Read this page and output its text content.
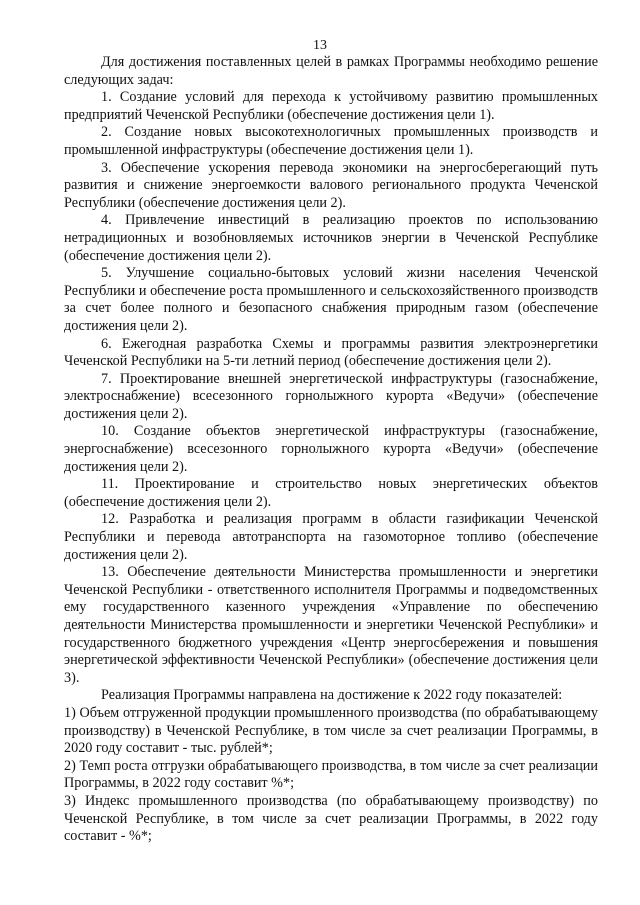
13

Для достижения поставленных целей в рамках Программы необходимо решение следующих задач:

1. Создание условий для перехода к устойчивому развитию промышленных предприятий Чеченской Республики (обеспечение достижения цели 1).

2. Создание новых высокотехнологичных промышленных производств и промышленной инфраструктуры (обеспечение достижения цели 1).

3. Обеспечение ускорения перевода экономики на энергосберегающий путь развития и снижение энергоемкости валового регионального продукта Чеченской Республики (обеспечение достижения цели 2).

4. Привлечение инвестиций в реализацию проектов по использованию нетрадиционных и возобновляемых источников энергии в Чеченской Республике (обеспечение достижения цели 2).

5. Улучшение социально-бытовых условий жизни населения Чеченской Республики и обеспечение роста промышленного и сельскохозяйственного производств за счет более полного и безопасного снабжения природным газом (обеспечение достижения цели 2).

6. Ежегодная разработка Схемы и программы развития электроэнергетики Чеченской Республики на 5-ти летний период (обеспечение достижения цели 2).

7. Проектирование внешней энергетической инфраструктуры (газоснабжение, электроснабжение) всесезонного горнолыжного курорта «Ведучи» (обеспечение достижения цели 2).

10. Создание объектов энергетической инфраструктуры (газоснабжение, энергоснабжение) всесезонного горнолыжного курорта «Ведучи» (обеспечение достижения цели 2).

11. Проектирование и строительство новых энергетических объектов (обеспечение достижения цели 2).

12. Разработка и реализация программ в области газификации Чеченской Республики и перевода автотранспорта на газомоторное топливо (обеспечение достижения цели 2).

13. Обеспечение деятельности Министерства промышленности и энергетики Чеченской Республики - ответственного исполнителя Программы и подведомственных ему государственного казенного учреждения «Управление по обеспечению деятельности Министерства промышленности и энергетики Чеченской Республики» и государственного бюджетного учреждения «Центр энергосбережения и повышения энергетической эффективности Чеченской Республики» (обеспечение достижения цели 3).

Реализация Программы направлена на достижение к 2022 году показателей:

1) Объем отгруженной продукции промышленного производства (по обрабатывающему производству) в Чеченской Республике, в том числе за счет реализации Программы, в 2020 году составит - тыс. рублей*;

2) Темп роста отгрузки обрабатывающего производства, в том числе за счет реализации Программы, в 2022 году составит %*;

3) Индекс промышленного производства (по обрабатывающему производству) по Чеченской Республике, в том числе за счет реализации Программы, в 2022 году составит - %*;
